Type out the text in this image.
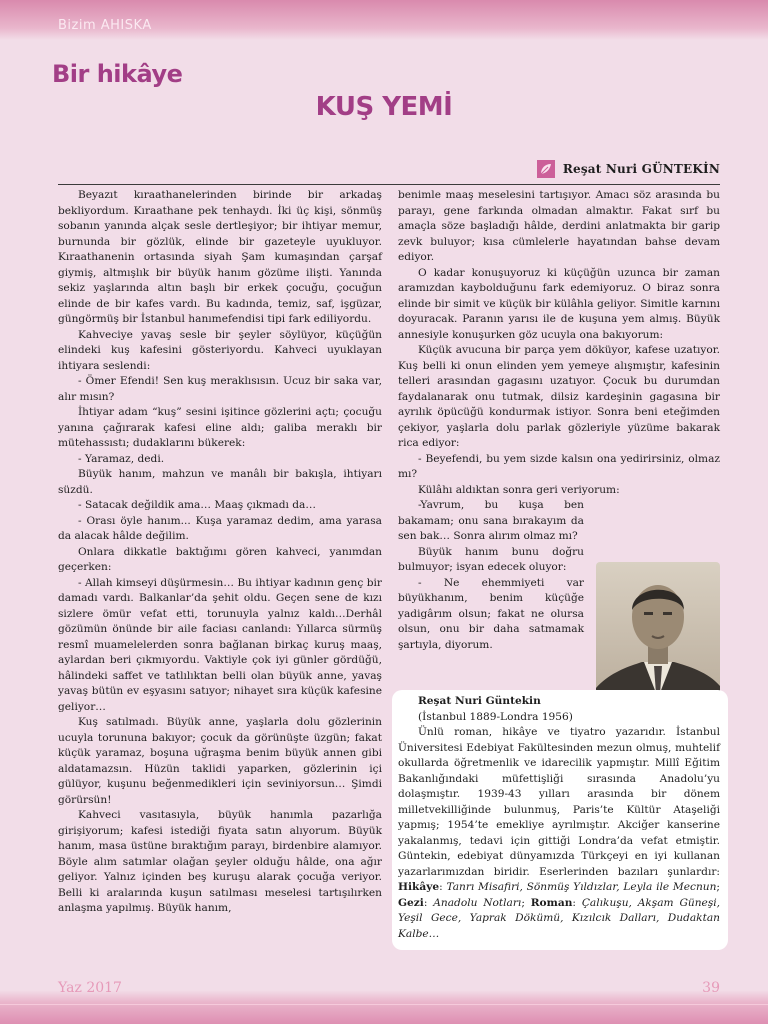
Bizim AHISKA
Bir hikâye
KUŞ YEMİ
Reşat Nuri GÜNTEKİN

Beyazıt kıraathanelerinden birinde bir arkadaş bekliyordum. Kıraathane pek tenhaydı. İki üç kişi, sönmüş sobanın yanında alçak sesle dertleşiyor; bir ihtiyar memur, burnunda bir gözlük, elinde bir gazeteyle uyukluyor. Kıraathanenin ortasında siyah Şam kumaşından çarşaf giymiş, altmışlık bir büyük hanım gözüme ilişti. Yanında sekiz yaşlarında altın başlı bir erkek çocuğu, çocuğun elinde de bir kafes vardı. Bu kadında, temiz, saf, işgüzar, güngörmüş bir İstanbul hanımefendisi tipi fark ediliyordu.

Kahveciye yavaş sesle bir şeyler söylüyor, küçüğün elindeki kuş kafesini gösteriyordu. Kahveci uyuklayan ihtiyara seslendi:

- Ömer Efendi! Sen kuş meraklısısın. Ucuz bir saka var, alır mısın?

İhtiyar adam “kuş” sesini işitince gözlerini açtı; çocuğu yanına çağırarak kafesi eline aldı; galiba meraklı bir mütehassıstı; dudaklarını bükerek:

- Yaramaz, dedi.

Büyük hanım, mahzun ve manâlı bir bakışla, ihtiyarı süzdü.

- Satacak değildik ama… Maaş çıkmadı da…

- Orası öyle hanım... Kuşa yaramaz dedim, ama yarasa da alacak hâlde değilim.

Onlara dikkatle baktığımı gören kahveci, yanımdan geçerken:

- Allah kimseyi düşürmesin… Bu ihtiyar kadının genç bir damadı vardı. Balkanlar’da şehit oldu. Geçen sene de kızı sizlere ömür vefat etti, torunuyla yalnız kaldı…Derhâl gözümün önünde bir aile faciası canlandı: Yıllarca sürmüş resmî muamelelerden sonra bağlanan birkaç kuruş maaş, aylardan beri çıkmıyordu. Vaktiyle çok iyi günler gördüğü, hâlindeki saffet ve tatlılıktan belli olan büyük anne, yavaş yavaş bütün ev eşyasını satıyor; nihayet sıra küçük kafesine geliyor…

Kuş satılmadı. Büyük anne, yaşlarla dolu gözlerinin ucuyla torununa bakıyor; çocuk da görünüşte üzgün; fakat küçük yaramaz, boşuna uğraşma benim büyük annen gibi aldatamazsın. Hüzün taklidi yaparken, gözlerinin içi gülüyor, kuşunu beğenmedikleri için seviniyorsun… Şimdi görürsün!

Kahveci vasıtasıyla, büyük hanımla pazarlığa girişiyorum; kafesi istediği fiyata satın alıyorum. Büyük hanım, masa üstüne bıraktığım parayı, birdenbire alamıyor. Böyle alım satımlar olağan şeyler olduğu hâlde, ona ağır geliyor. Yalnız içinden beş kuruşu alarak çocuğa veriyor. Belli ki aralarında kuşun satılması meselesi tartışılırken anlaşma yapılmış. Büyük hanım,

benimle maaş meselesini tartışıyor. Amacı söz arasında bu parayı, gene farkında olmadan almaktır. Fakat sırf bu amaçla söze başladığı hâlde, derdini anlatmakta bir garip zevk buluyor; kısa cümlelerle hayatından bahse devam ediyor.

O kadar konuşuyoruz ki küçüğün uzunca bir zaman aramızdan kaybolduğunu fark edemiyoruz. O biraz sonra elinde bir simit ve küçük bir külâhla geliyor. Simitle karnını doyuracak. Paranın yarısı ile de kuşuna yem almış. Büyük annesiyle konuşurken göz ucuyla ona bakıyorum:

Küçük avucuna bir parça yem döküyor, kafese uzatıyor. Kuş belli ki onun elinden yem yemeye alışmıştır, kafesinin telleri arasından gagasını uzatıyor. Çocuk bu durumdan faydalanarak onu tutmak, dilsiz kardeşinin gagasına bir ayrılık öpücüğü kondurmak istiyor. Sonra beni eteğimden çekiyor, yaşlarla dolu parlak gözleriyle yüzüme bakarak rica ediyor:

- Beyefendi, bu yem sizde kalsın ona yedirirsiniz, olmaz mı?

Külâhı aldıktan sonra geri veriyorum:

-Yavrum, bu kuşa ben bakamam; onu sana bırakayım da sen bak… Sonra alırım olmaz mı?

Büyük hanım bunu doğru bulmuyor; isyan edecek oluyor:

- Ne ehemmiyeti var büyükhanım, benim küçüğe yadigârım olsun; fakat ne olursa olsun, onu bir daha satmamak şartıyla, diyorum.

Reşat Nuri Güntekin

(İstanbul 1889-Londra 1956)

Ünlü roman, hikâye ve tiyatro yazarıdır. İstanbul Üniversitesi Edebiyat Fakültesinden mezun olmuş, muhtelif okullarda öğretmenlik ve idarecilik yapmıştır. Millî Eğitim Bakanlığındaki müfettişliği sırasında Anadolu’yu dolaşmıştır. 1939-43 yılları arasında bir dönem milletvekilliğinde bulunmuş, Paris’te Kültür Ataşeliği yapmış; 1954’te emekliye ayrılmıştır. Akciğer kanserine yakalanmış, tedavi için gittiği Londra’da vefat etmiştir. Güntekin, edebiyat dünyamızda Türkçeyi en iyi kullanan yazarlarımızdan biridir. Eserlerinden bazıları şunlardır: Hikâye: Tanrı Misafiri, Sönmüş Yıldızlar, Leyla ile Mecnun; Gezi: Anadolu Notları; Roman: Çalıkuşu, Akşam Güneşi, Yeşil Gece, Yaprak Dökümü, Kızılcık Dalları, Dudaktan Kalbe…

Yaz 2017	39
